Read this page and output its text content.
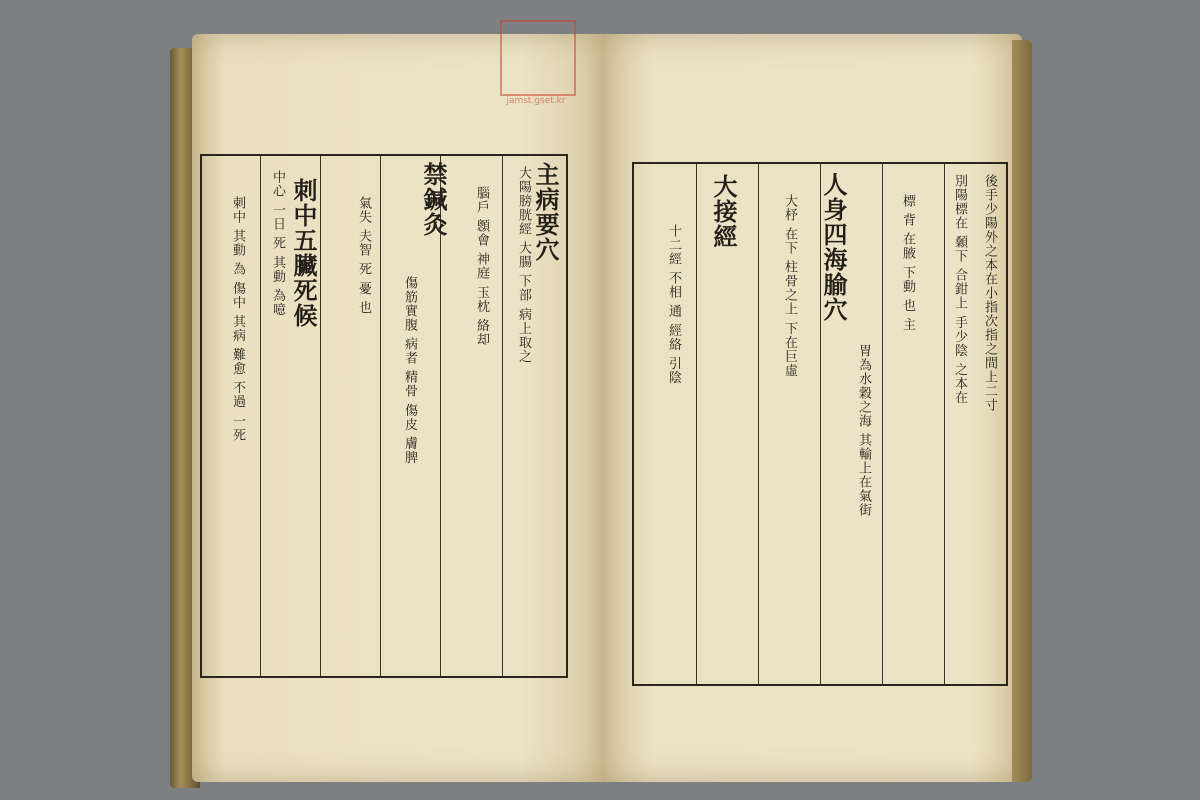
主病要穴
大陽膀胱經 大腸 下部 病上取之
禁鍼灸 腦戶 顖會 神庭 玉枕 絡却
傷筋實腹 病者 精骨 傷皮 膚脾
氣失 夫智 死 憂 也
刺中五臟死候
中心 一日 死 其動 為噫
刺中 其動 為 傷中 其病 難愈 不過 一死	後手少陽外之本在小指次指之間上二寸
別陽標在 顙下 合鉗上 手少陰 之本在
標 背 在腋 下動 也 主
人身四海腧穴
胃為水穀之海 其輸上在氣街
大杼 在下 柱骨之上 下在巨虛
大接經
十二經 不相 通 經絡 引陰
jamst.gset.kr
